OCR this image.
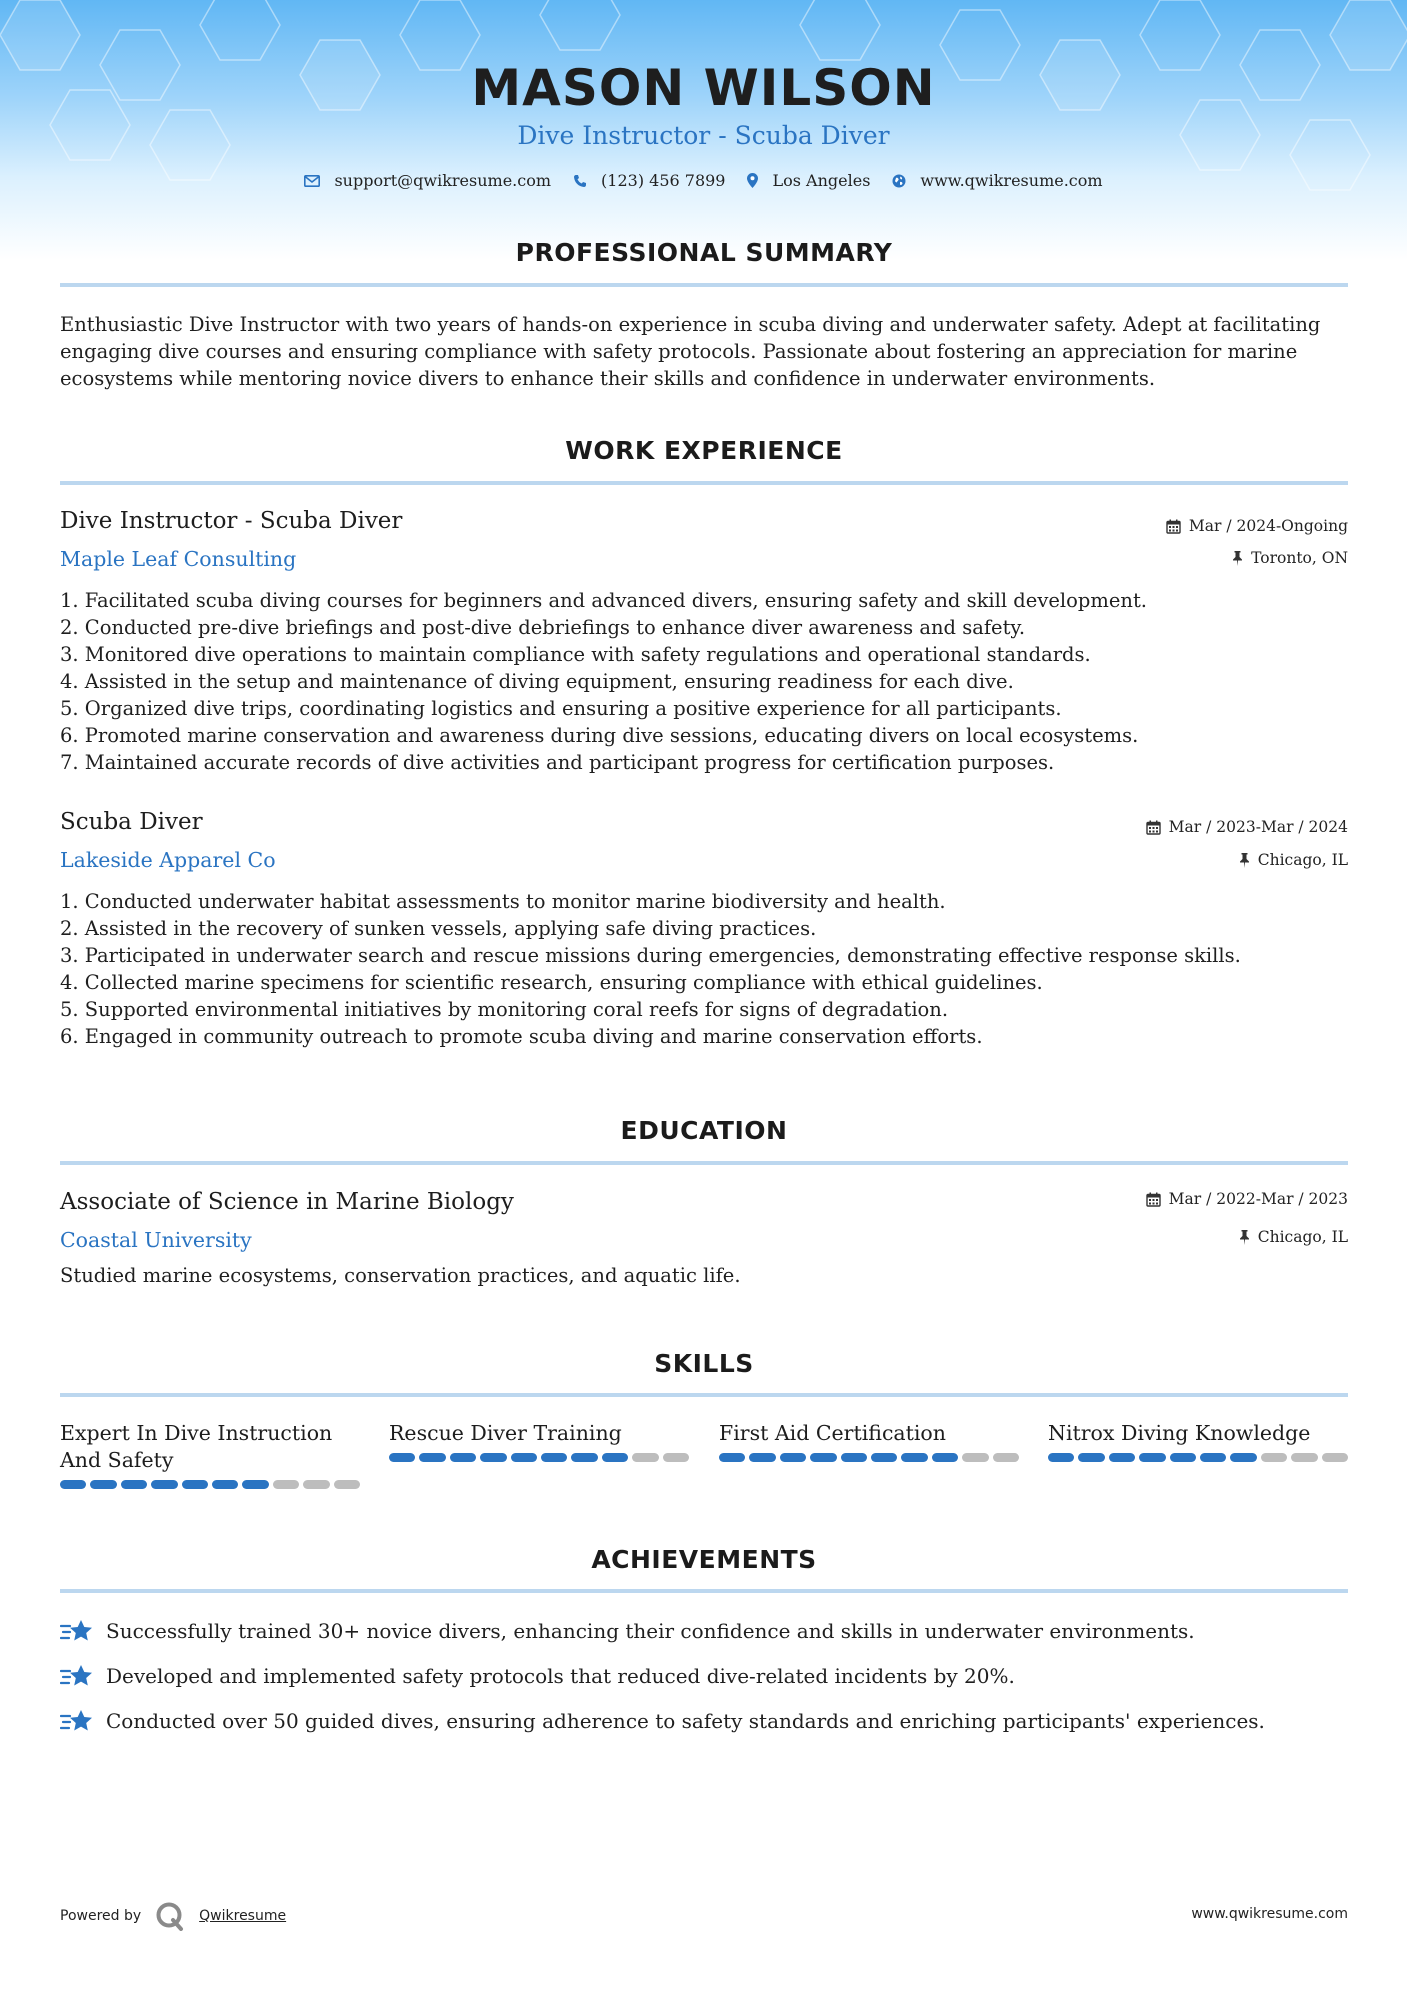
MASON WILSON
Dive Instructor - Scuba Diver
support@qwikresume.com	(123) 456 7899	Los Angeles	www.qwikresume.com
PROFESSIONAL SUMMARY
Enthusiastic Dive Instructor with two years of hands-on experience in scuba diving and underwater safety. Adept at facilitating engaging dive courses and ensuring compliance with safety protocols. Passionate about fostering an appreciation for marine ecosystems while mentoring novice divers to enhance their skills and confidence in underwater environments.
WORK EXPERIENCE
Dive Instructor - Scuba Diver
Maple Leaf Consulting
Mar / 2024-Ongoing
Toronto, ON
1. Facilitated scuba diving courses for beginners and advanced divers, ensuring safety and skill development.
2. Conducted pre-dive briefings and post-dive debriefings to enhance diver awareness and safety.
3. Monitored dive operations to maintain compliance with safety regulations and operational standards.
4. Assisted in the setup and maintenance of diving equipment, ensuring readiness for each dive.
5. Organized dive trips, coordinating logistics and ensuring a positive experience for all participants.
6. Promoted marine conservation and awareness during dive sessions, educating divers on local ecosystems.
7. Maintained accurate records of dive activities and participant progress for certification purposes.
Scuba Diver
Lakeside Apparel Co
Mar / 2023-Mar / 2024
Chicago, IL
1. Conducted underwater habitat assessments to monitor marine biodiversity and health.
2. Assisted in the recovery of sunken vessels, applying safe diving practices.
3. Participated in underwater search and rescue missions during emergencies, demonstrating effective response skills.
4. Collected marine specimens for scientific research, ensuring compliance with ethical guidelines.
5. Supported environmental initiatives by monitoring coral reefs for signs of degradation.
6. Engaged in community outreach to promote scuba diving and marine conservation efforts.
EDUCATION
Associate of Science in Marine Biology
Coastal University
Mar / 2022-Mar / 2023
Chicago, IL
Studied marine ecosystems, conservation practices, and aquatic life.
SKILLS
Expert In Dive Instruction And Safety
Rescue Diver Training	First Aid Certification	Nitrox Diving Knowledge
ACHIEVEMENTS
Successfully trained 30+ novice divers, enhancing their confidence and skills in underwater environments.
Developed and implemented safety protocols that reduced dive-related incidents by 20%.
Conducted over 50 guided dives, ensuring adherence to safety standards and enriching participants' experiences.
Powered by	Qwikresume	www.qwikresume.com
